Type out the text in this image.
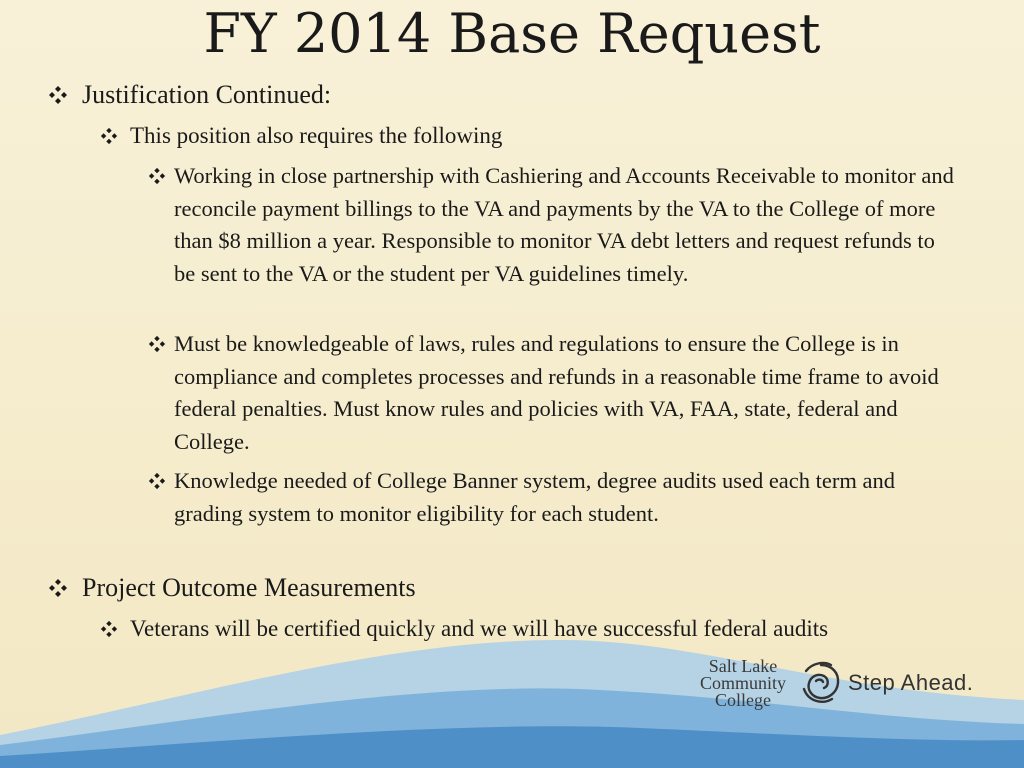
FY 2014 Base Request
Justification Continued:
This position also requires the following
Working in close partnership with Cashiering and Accounts Receivable to monitor and reconcile payment billings to the VA and payments by the VA to the College of more than $8 million a year. Responsible to monitor VA debt letters and request refunds to be sent to the VA or the student per VA guidelines timely.
Must be knowledgeable of laws, rules and regulations to ensure the College is in compliance and completes processes and refunds in a reasonable time frame to avoid federal penalties. Must know rules and policies with VA, FAA, state, federal and College.
Knowledge needed of College Banner system, degree audits used each term and grading system to monitor eligibility for each student.
Project Outcome Measurements
Veterans will be certified quickly and we will have successful federal audits
Salt Lake
Community
College
Step Ahead.
